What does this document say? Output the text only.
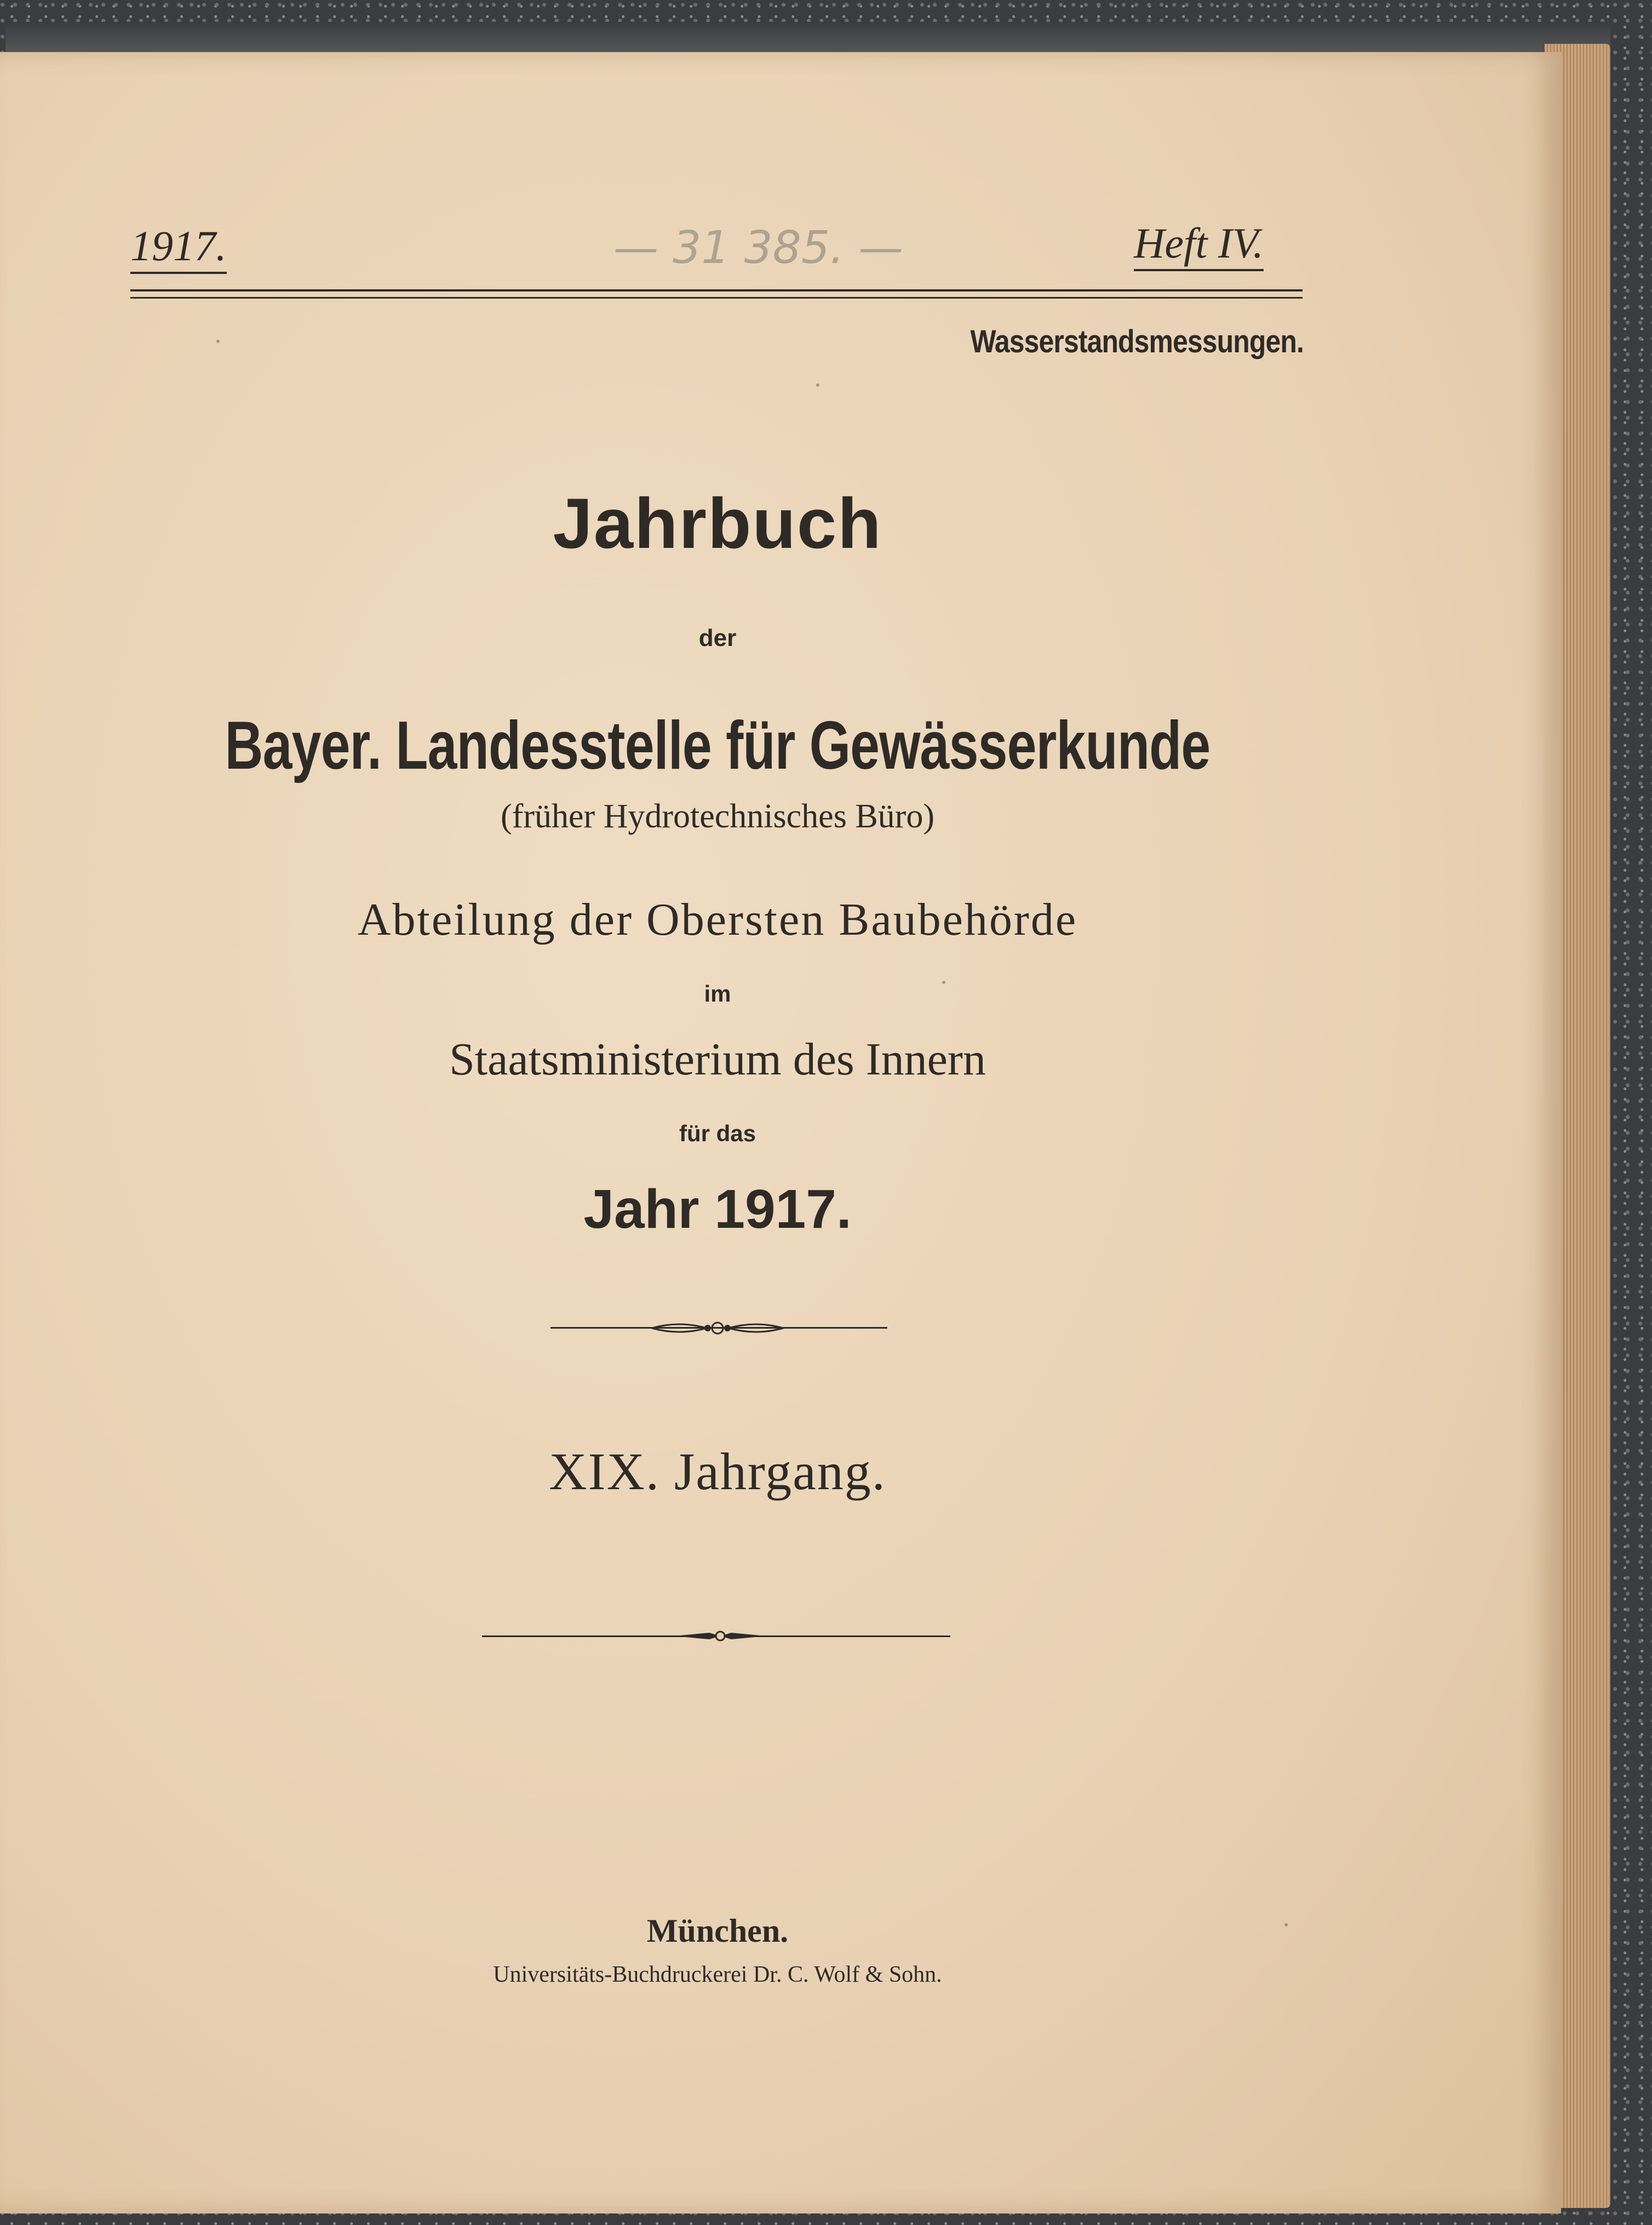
1917.	— 31 385. —	Heft IV.
Wasserstandsmessungen.
Jahrbuch
der
Bayer. Landesstelle für Gewässerkunde
(früher Hydrotechnisches Büro)
Abteilung der Obersten Baubehörde
im
Staatsministerium des Innern
für das
Jahr 1917.
XIX. Jahrgang.
München.
Universitäts-Buchdruckerei Dr. C. Wolf & Sohn.
